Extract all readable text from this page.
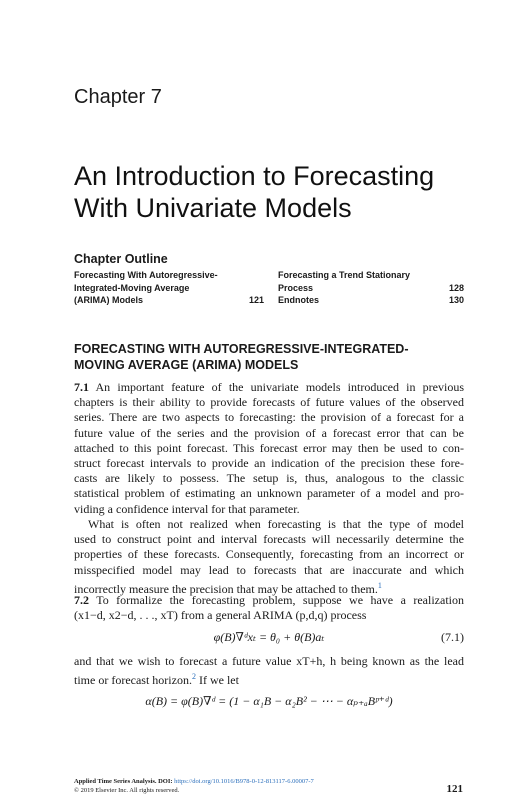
Chapter 7
An Introduction to Forecasting
With Univariate Models
Chapter Outline
Forecasting With Autoregressive-
Integrated-Moving Average
(ARIMA) Models	121
Forecasting a Trend Stationary
Process	128
Endnotes	130
FORECASTING WITH AUTOREGRESSIVE-INTEGRATED-
MOVING AVERAGE (ARIMA) MODELS
7.1 An important feature of the univariate models introduced in previous
chapters is their ability to provide forecasts of future values of the observed
series. There are two aspects to forecasting: the provision of a forecast for a
future value of the series and the provision of a forecast error that can be
attached to this point forecast. This forecast error may then be used to con-
struct forecast intervals to provide an indication of the precision these fore-
casts are likely to possess. The setup is, thus, analogous to the classic
statistical problem of estimating an unknown parameter of a model and pro-
viding a confidence interval for that parameter.
What is often not realized when forecasting is that the type of model
used to construct point and interval forecasts will necessarily determine the
properties of these forecasts. Consequently, forecasting from an incorrect or
misspecified model may lead to forecasts that are inaccurate and which
incorrectly measure the precision that may be attached to them.$^1$
7.2 To formalize the forecasting problem, suppose we have a realization
(x1−d, x2−d, . . ., xT) from a general ARIMA (p,d,q) process
φ(B)∇ᵈxₜ = θ₀ + θ(B)aₜ	(7.1)
and that we wish to forecast a future value xT+h, h being known as the lead
time or forecast horizon.$^2$ If we let
α(B) = φ(B)∇ᵈ = (1 − α₁B − α₂B² − ⋯ − αₚ₊ₐBᵖ⁺ᵈ)
Applied Time Series Analysis. DOI: https://doi.org/10.1016/B978-0-12-813117-6.00007-7
© 2019 Elsevier Inc. All rights reserved.	121
